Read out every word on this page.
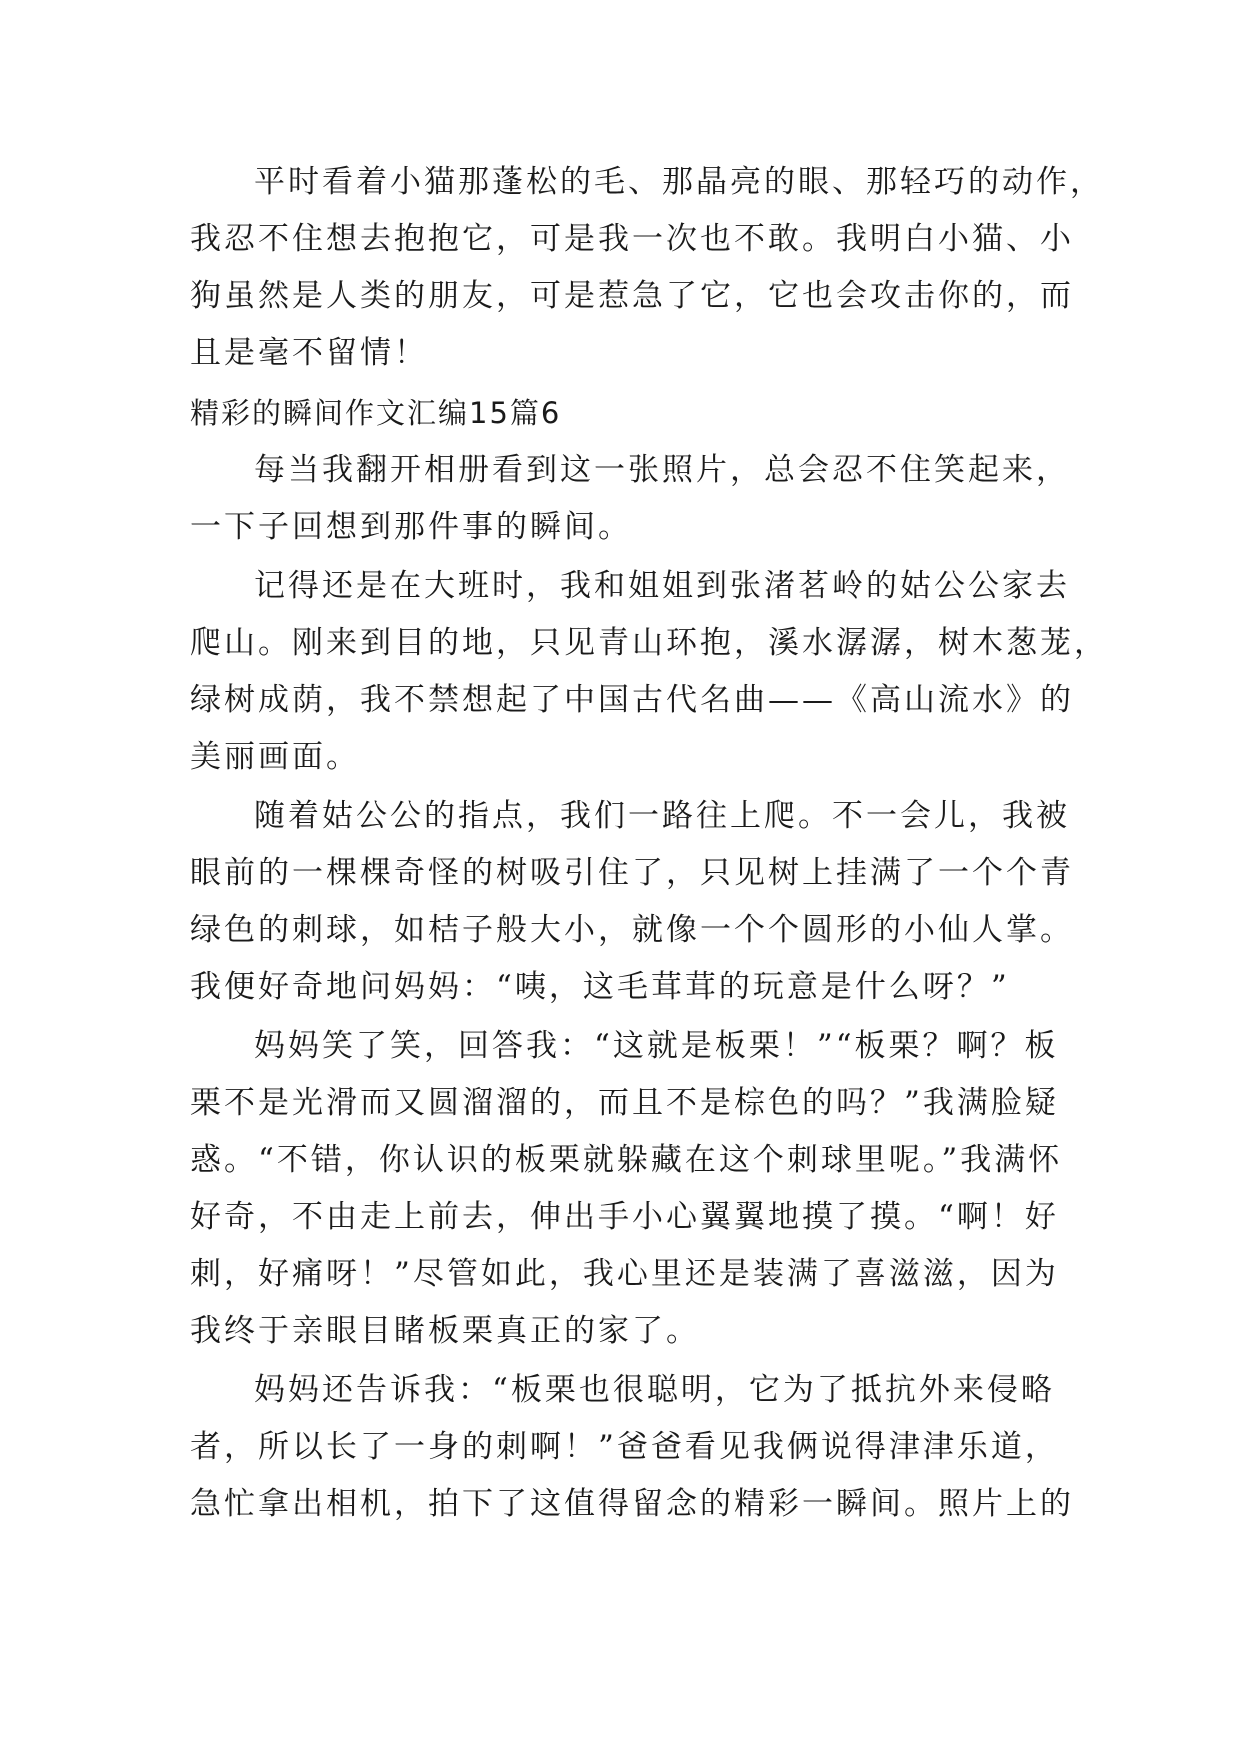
平时看着小猫那蓬松的毛、那晶亮的眼、那轻巧的动作，

我忍不住想去抱抱它，可是我一次也不敢。我明白小猫、小

狗虽然是人类的朋友，可是惹急了它，它也会攻击你的，而

且是毫不留情！

精彩的瞬间作文汇编15篇6

每当我翻开相册看到这一张照片，总会忍不住笑起来，

一下子回想到那件事的瞬间。

记得还是在大班时，我和姐姐到张渚茗岭的姑公公家去

爬山。刚来到目的地，只见青山环抱，溪水潺潺，树木葱茏，

绿树成荫，我不禁想起了中国古代名曲——《高山流水》的

美丽画面。

随着姑公公的指点，我们一路往上爬。不一会儿，我被

眼前的一棵棵奇怪的树吸引住了，只见树上挂满了一个个青

绿色的刺球，如桔子般大小，就像一个个圆形的小仙人掌。

我便好奇地问妈妈：“咦，这毛茸茸的玩意是什么呀？”

妈妈笑了笑，回答我：“这就是板栗！”“板栗？啊？板

栗不是光滑而又圆溜溜的，而且不是棕色的吗？”我满脸疑

惑。“不错，你认识的板栗就躲藏在这个刺球里呢。”我满怀

好奇，不由走上前去，伸出手小心翼翼地摸了摸。“啊！好

刺，好痛呀！”尽管如此，我心里还是装满了喜滋滋，因为

我终于亲眼目睹板栗真正的家了。

妈妈还告诉我：“板栗也很聪明，它为了抵抗外来侵略

者，所以长了一身的刺啊！”爸爸看见我俩说得津津乐道，

急忙拿出相机，拍下了这值得留念的精彩一瞬间。照片上的
